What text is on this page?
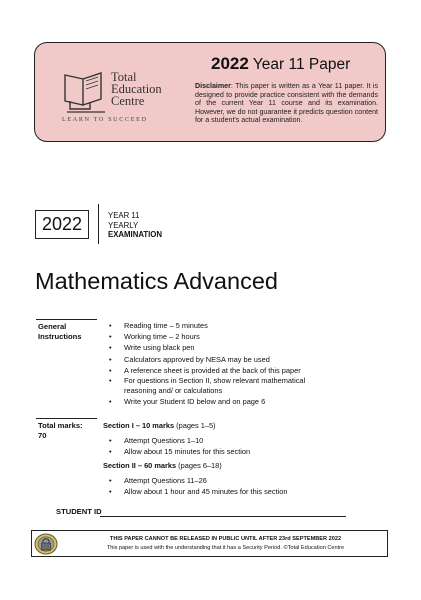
Total
Education
Centre
LEARN TO SUCCEED
2022 Year 11 Paper
Disclaimer: This paper is written as a Year 11 paper. It is designed to provide practice consistent with the demands of the current Year 11 course and its examination. However, we do not guarantee it predicts question content for a student's actual examination.
2022	YEAR 11
YEARLY
EXAMINATION
Mathematics Advanced
General
Instructions
• Reading time – 5 minutes
• Working time – 2 hours
• Write using black pen
• Calculators approved by NESA may be used
• A reference sheet is provided at the back of this paper
• For questions in Section II, show relevant mathematical reasoning and/ or calculations
• Write your Student ID below and on page 6
Total marks:
70
Section I – 10 marks (pages 1–5)
• Attempt Questions 1–10
• Allow about 15 minutes for this section
Section II – 60 marks (pages 6–18)
• Attempt Questions 11–26
• Allow about 1 hour and 45 minutes for this section
STUDENT ID
THIS PAPER CANNOT BE RELEASED IN PUBLIC UNTIL AFTER 23rd SEPTEMBER 2022
This paper is used with the understanding that it has a Security Period. ©Total Education Centre
